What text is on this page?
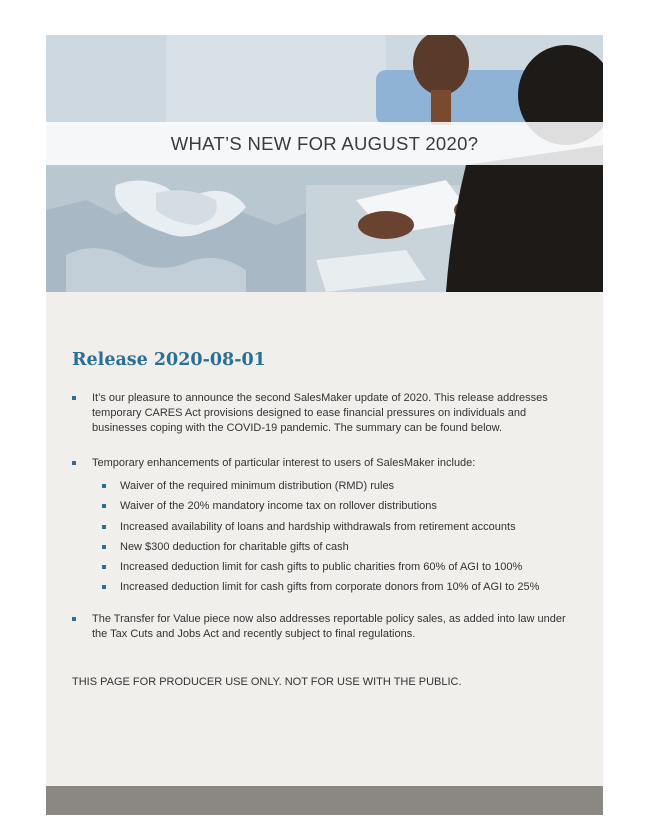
WHAT’S NEW FOR AUGUST 2020?
Release 2020-08-01
It’s our pleasure to announce the second SalesMaker update of 2020. This release addresses temporary CARES Act provisions designed to ease financial pressures on individuals and businesses coping with the COVID-19 pandemic. The summary can be found below.
Temporary enhancements of particular interest to users of SalesMaker include:
Waiver of the required minimum distribution (RMD) rules
Waiver of the 20% mandatory income tax on rollover distributions
Increased availability of loans and hardship withdrawals from retirement accounts
New $300 deduction for charitable gifts of cash
Increased deduction limit for cash gifts to public charities from 60% of AGI to 100%
Increased deduction limit for cash gifts from corporate donors from 10% of AGI to 25%
The Transfer for Value piece now also addresses reportable policy sales, as added into law under the Tax Cuts and Jobs Act and recently subject to final regulations.

THIS PAGE FOR PRODUCER USE ONLY. NOT FOR USE WITH THE PUBLIC.
